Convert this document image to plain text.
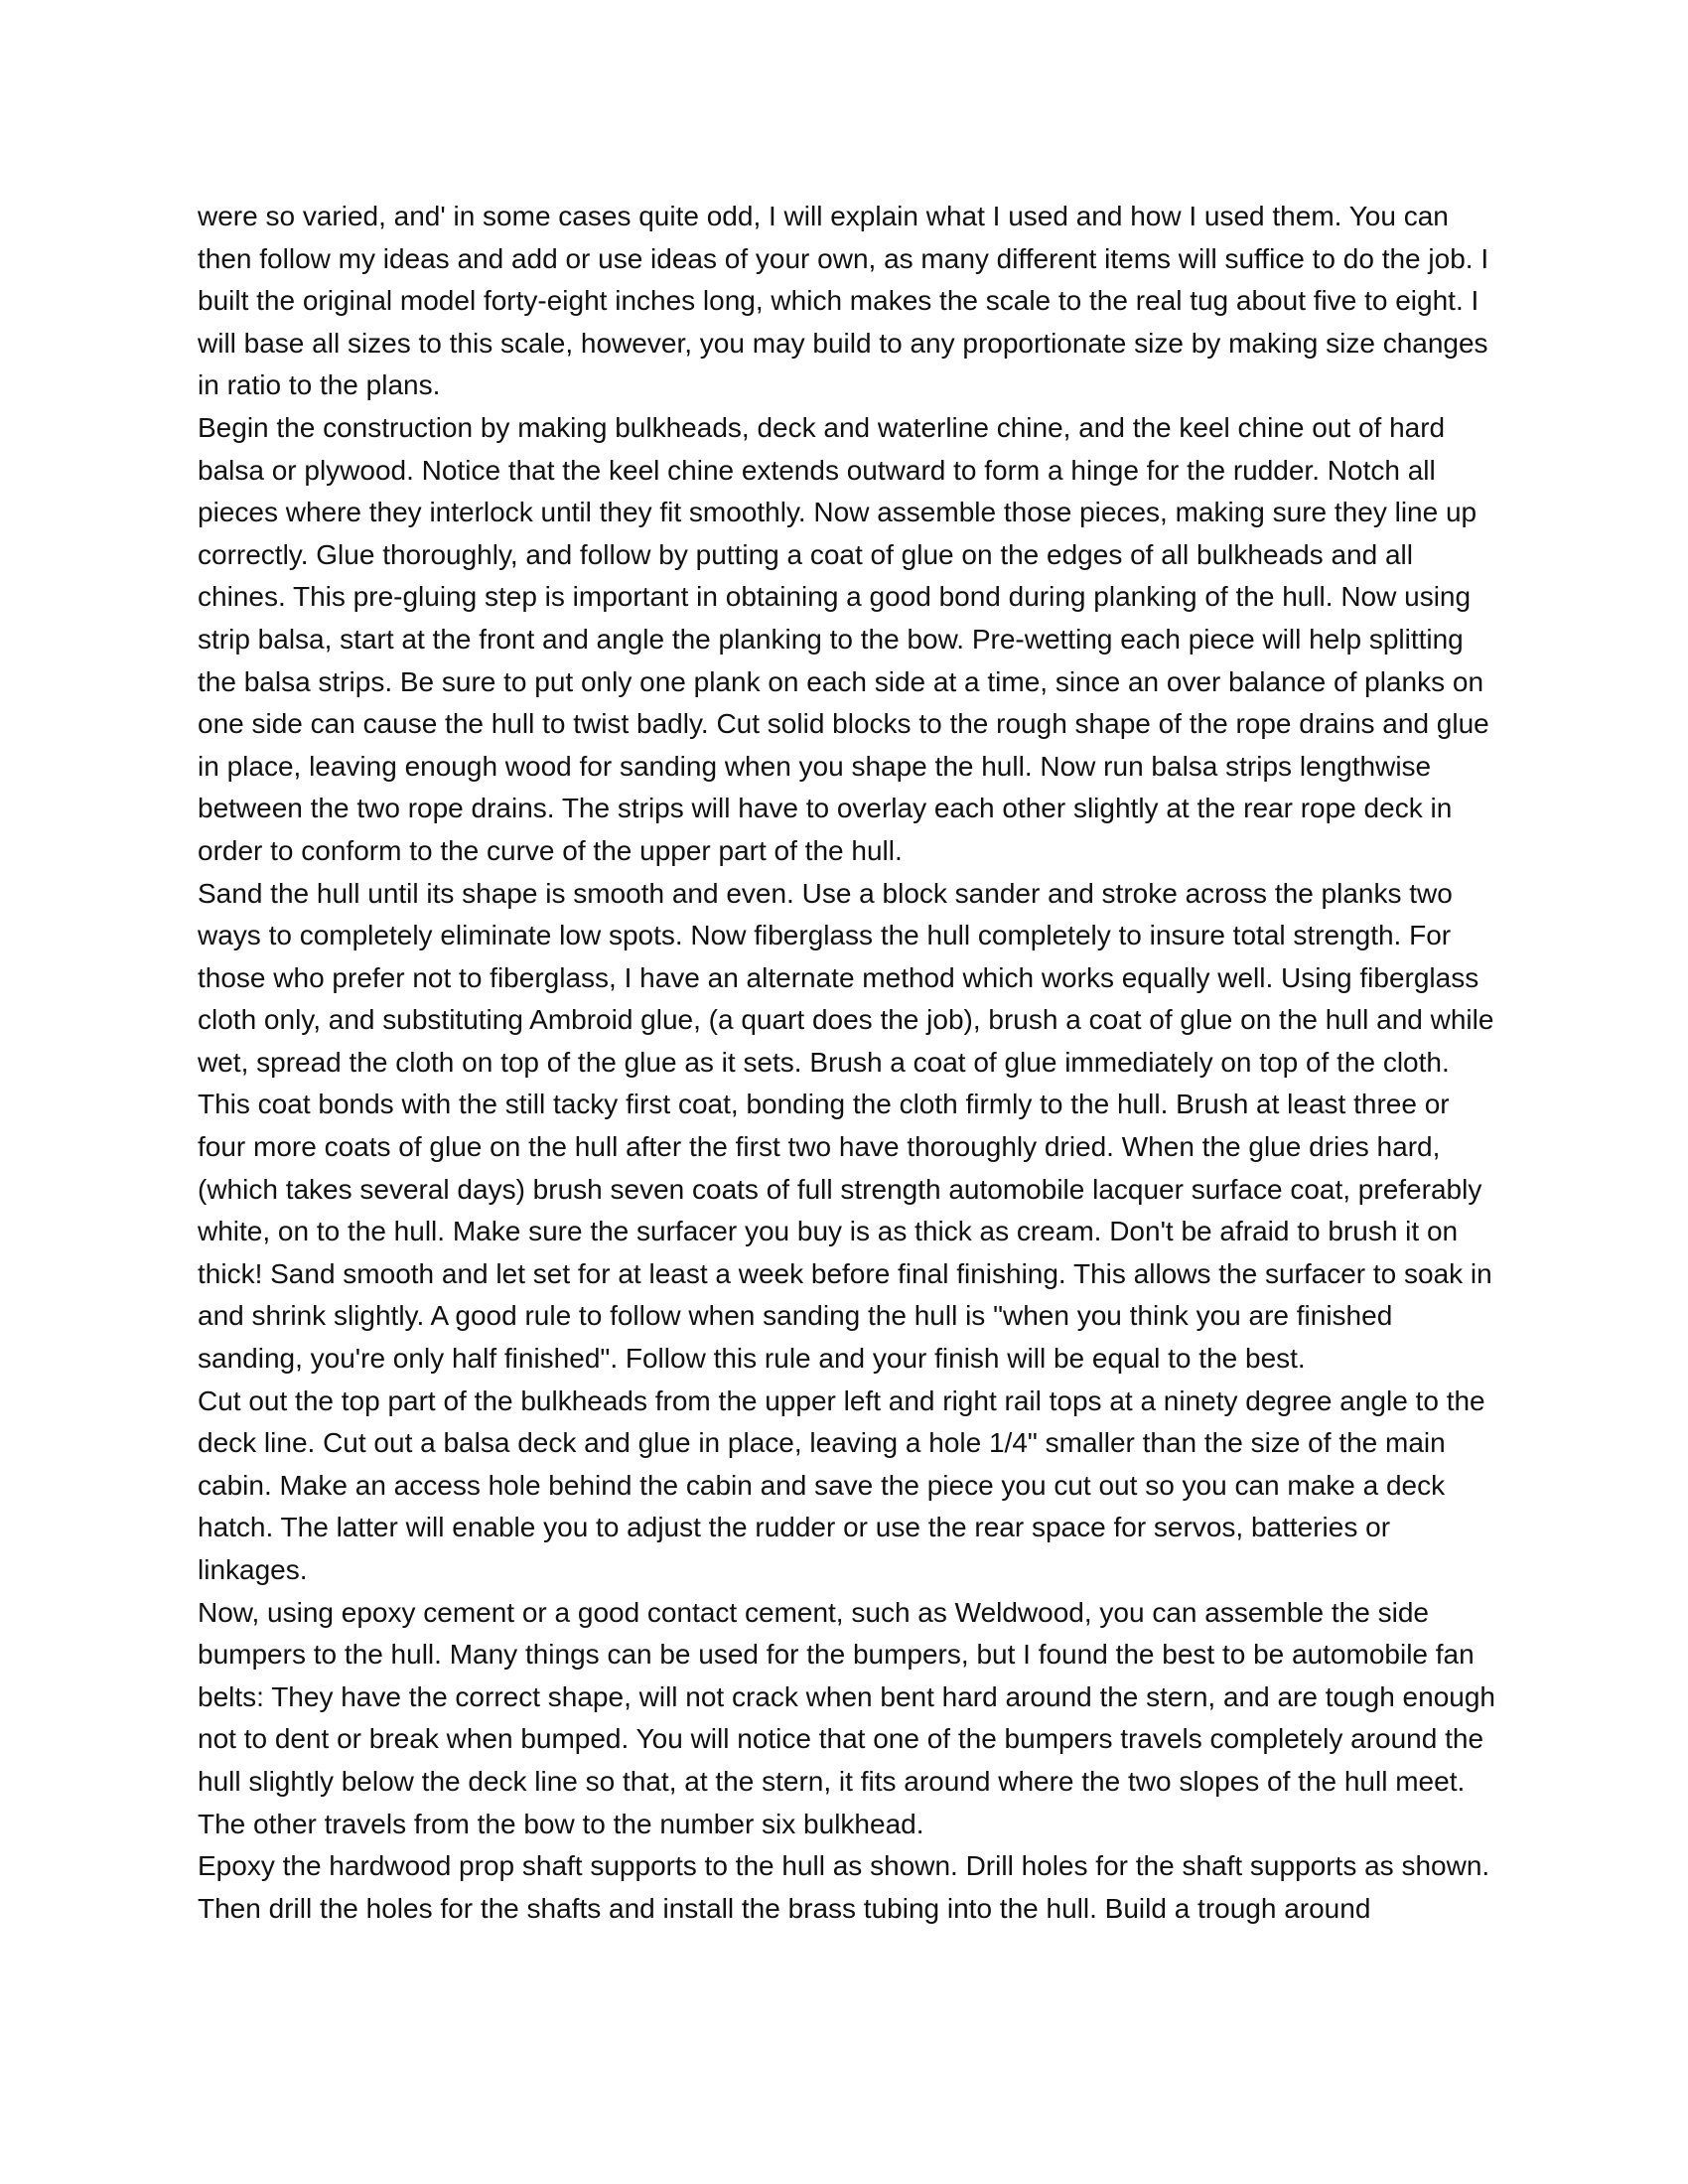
were so varied, and' in some cases quite odd, I will explain what I used and how I used them. You can then follow my ideas and add or use ideas of your own, as many different items will suffice to do the job. I built the original model forty-eight inches long, which makes the scale to the real tug about five to eight. I will base all sizes to this scale, however, you may build to any proportionate size by making size changes in ratio to the plans.

Begin the construction by making bulkheads, deck and waterline chine, and the keel chine out of hard balsa or plywood. Notice that the keel chine extends outward to form a hinge for the rudder. Notch all pieces where they interlock until they fit smoothly. Now assemble those pieces, making sure they line up correctly. Glue thoroughly, and follow by putting a coat of glue on the edges of all bulkheads and all chines. This pre-gluing step is important in obtaining a good bond during planking of the hull. Now using strip balsa, start at the front and angle the planking to the bow. Pre-wetting each piece will help splitting the balsa strips. Be sure to put only one plank on each side at a time, since an over balance of planks on one side can cause the hull to twist badly. Cut solid blocks to the rough shape of the rope drains and glue in place, leaving enough wood for sanding when you shape the hull. Now run balsa strips lengthwise between the two rope drains. The strips will have to overlay each other slightly at the rear rope deck in order to conform to the curve of the upper part of the hull.

Sand the hull until its shape is smooth and even. Use a block sander and stroke across the planks two ways to completely eliminate low spots. Now fiberglass the hull completely to insure total strength. For those who prefer not to fiberglass, I have an alternate method which works equally well. Using fiberglass cloth only, and substituting Ambroid glue, (a quart does the job), brush a coat of glue on the hull and while wet, spread the cloth on top of the glue as it sets. Brush a coat of glue immediately on top of the cloth. This coat bonds with the still tacky first coat, bonding the cloth firmly to the hull. Brush at least three or four more coats of glue on the hull after the first two have thoroughly dried. When the glue dries hard, (which takes several days) brush seven coats of full strength automobile lacquer surface coat, preferably white, on to the hull. Make sure the surfacer you buy is as thick as cream. Don't be afraid to brush it on thick! Sand smooth and let set for at least a week before final finishing. This allows the surfacer to soak in and shrink slightly. A good rule to follow when sanding the hull is "when you think you are finished sanding, you're only half finished". Follow this rule and your finish will be equal to the best.

Cut out the top part of the bulkheads from the upper left and right rail tops at a ninety degree angle to the deck line. Cut out a balsa deck and glue in place, leaving a hole 1/4" smaller than the size of the main cabin. Make an access hole behind the cabin and save the piece you cut out so you can make a deck hatch. The latter will enable you to adjust the rudder or use the rear space for servos, batteries or linkages.

Now, using epoxy cement or a good contact cement, such as Weldwood, you can assemble the side bumpers to the hull. Many things can be used for the bumpers, but I found the best to be automobile fan belts: They have the correct shape, will not crack when bent hard around the stern, and are tough enough not to dent or break when bumped. You will notice that one of the bumpers travels completely around the hull slightly below the deck line so that, at the stern, it fits around where the two slopes of the hull meet. The other travels from the bow to the number six bulkhead.

Epoxy the hardwood prop shaft supports to the hull as shown. Drill holes for the shaft supports as shown. Then drill the holes for the shafts and install the brass tubing into the hull. Build a trough around
